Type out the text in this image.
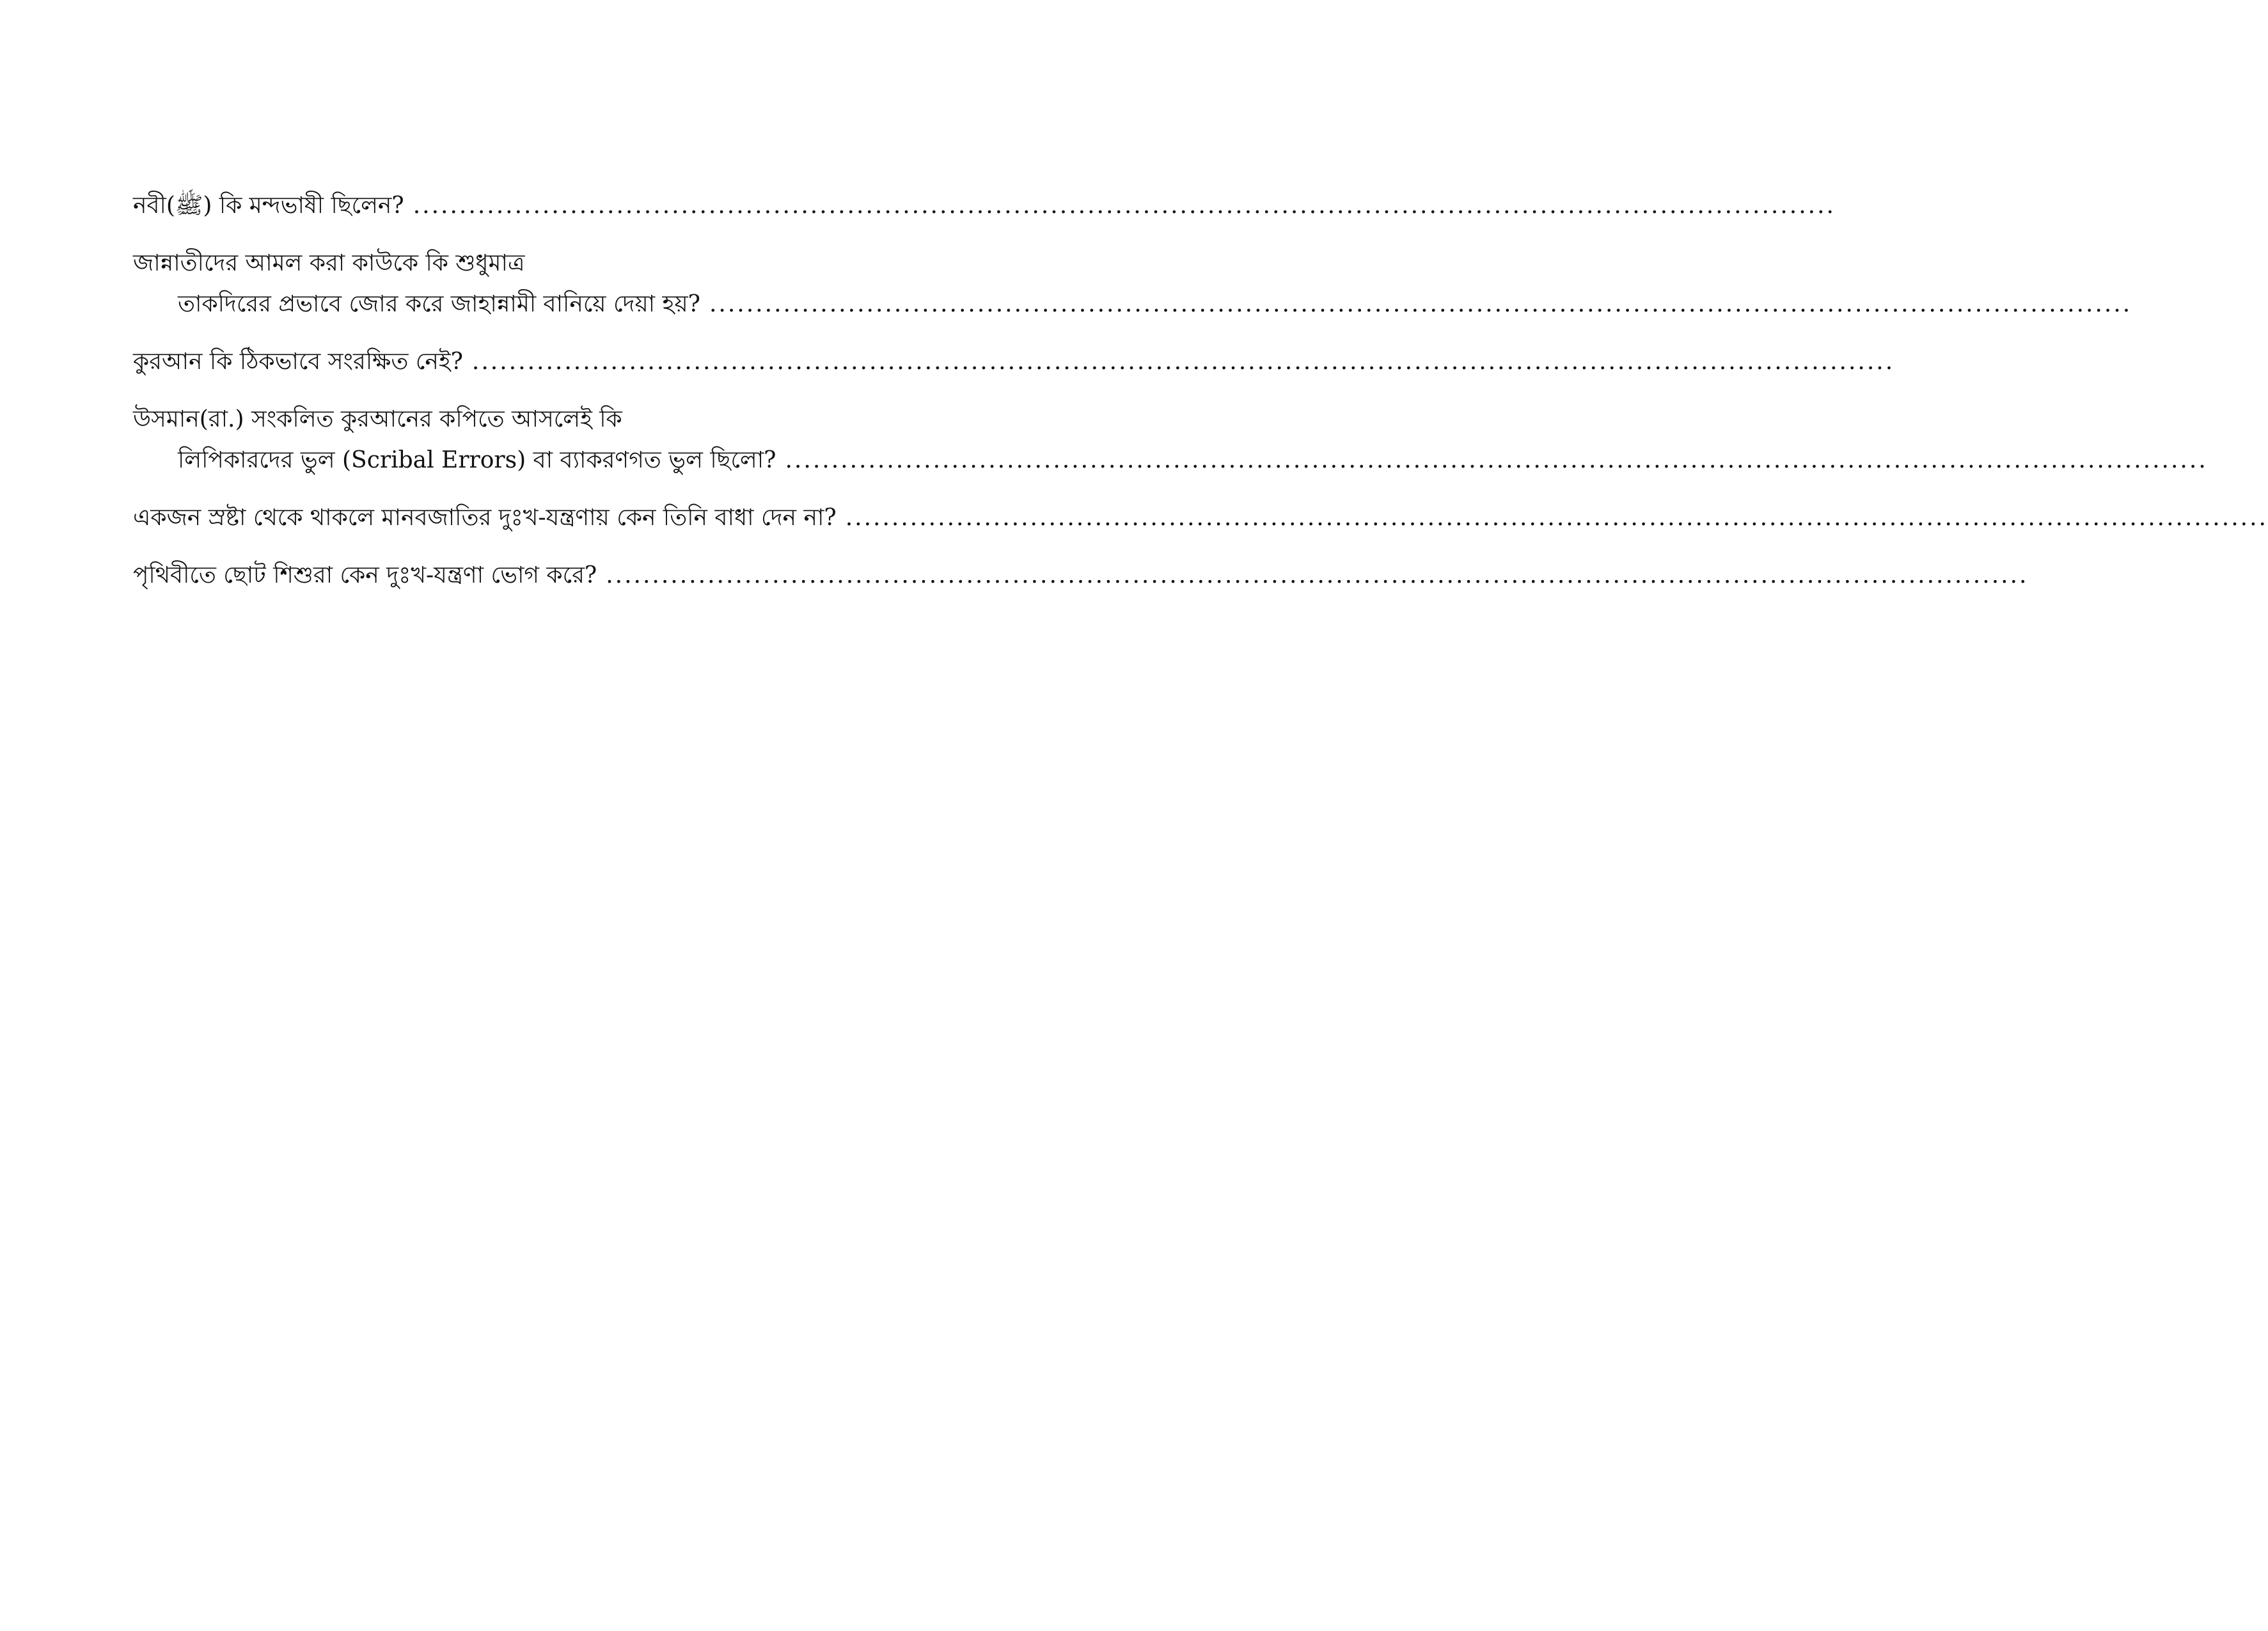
নবী(ﷺ) কি মন্দভাষী ছিলেন? ..........................................................................................................................................................
জান্নাতীদের আমল করা কাউকে কি শুধুমাত্র
তাকদিরের প্রভাবে জোর করে জাহান্নামী বানিয়ে দেয়া হয়? ..........................................................................................................................................................
কুরআন কি ঠিকভাবে সংরক্ষিত নেই? ..........................................................................................................................................................
উসমান(রা.) সংকলিত কুরআনের কপিতে আসলেই কি
লিপিকারদের ভুল (Scribal Errors) বা ব্যাকরণগত ভুল ছিলো? ..........................................................................................................................................................
একজন স্রষ্টা থেকে থাকলে মানবজাতির দুঃখ-যন্ত্রণায় কেন তিনি বাধা দেন না? ..........................................................................................................................................................
পৃথিবীতে ছোট শিশুরা কেন দুঃখ-যন্ত্রণা ভোগ করে? ..........................................................................................................................................................
